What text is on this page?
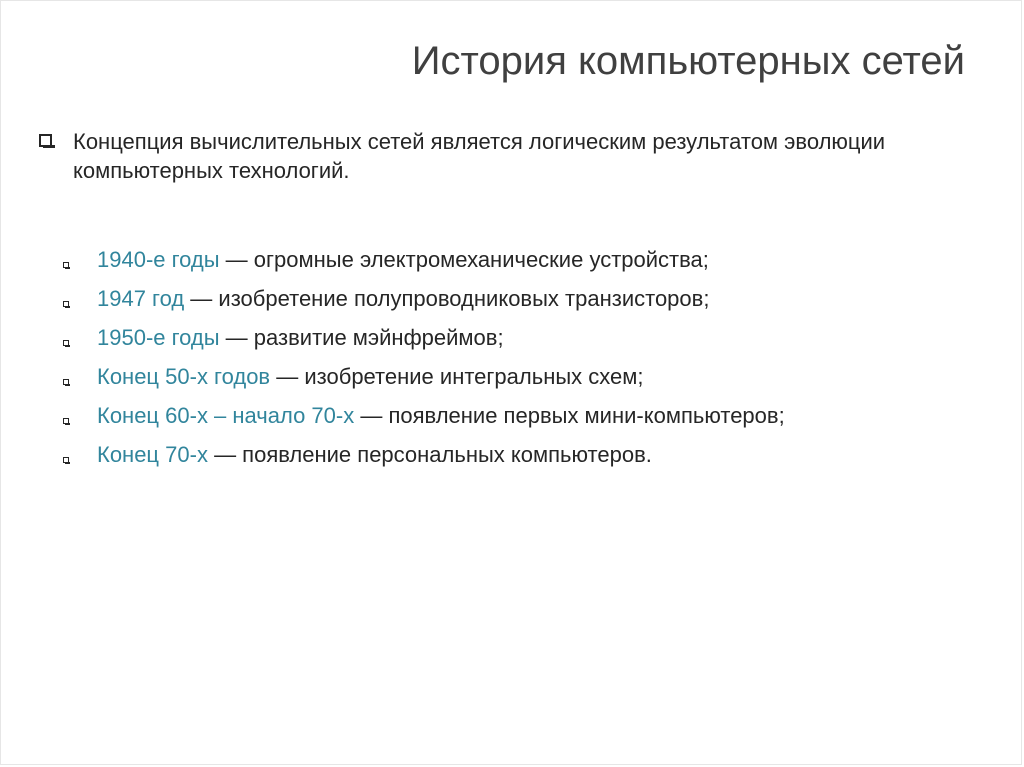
История компьютерных сетей
Концепция вычислительных сетей является логическим результатом эволюции компьютерных технологий.
1940-е годы — огромные электромеханические устройства;
1947 год — изобретение полупроводниковых транзисторов;
1950-е годы — развитие мэйнфреймов;
Конец 50-х годов — изобретение интегральных схем;
Конец 60-х – начало 70-х — появление первых мини-компьютеров;
Конец 70-х — появление персональных компьютеров.
